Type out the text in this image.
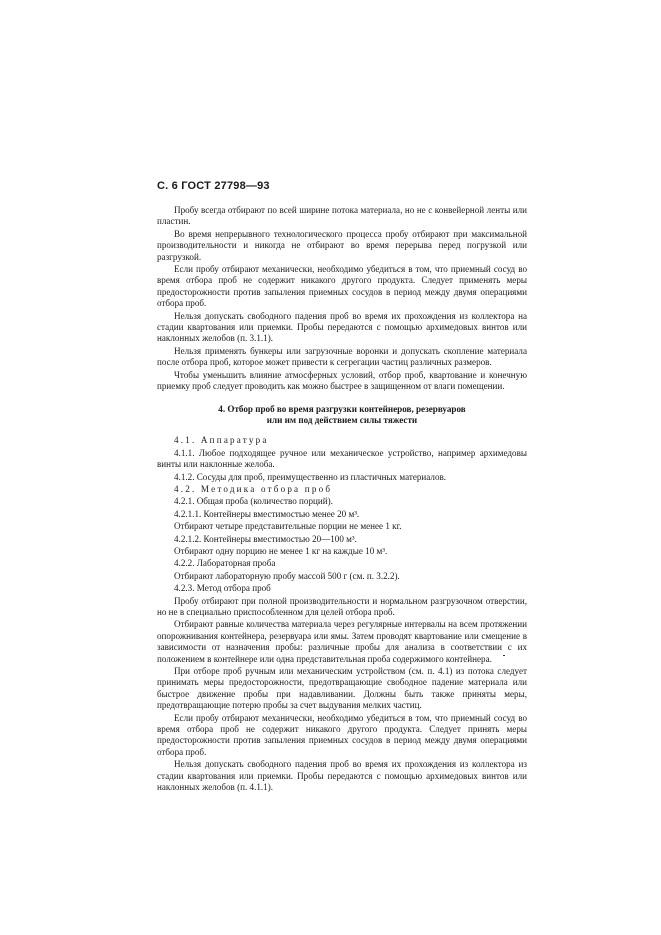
С. 6 ГОСТ 27798—93

Пробу всегда отбирают по всей ширине потока материала, но не с конвейерной ленты или пластин.

Во время непрерывного технологического процесса пробу отбирают при максимальной производительности и никогда не отбирают во время перерыва перед погрузкой или разгрузкой.

Если пробу отбирают механически, необходимо убедиться в том, что приемный сосуд во время отбора проб не содержит никакого другого продукта. Следует применять меры предосторожности против запыления приемных сосудов в период между двумя операциями отбора проб.

Нельзя допускать свободного падения проб во время их прохождения из коллектора на стадии квартования или приемки. Пробы передаются с помощью архимедовых винтов или наклонных желобов (п. 3.1.1).

Нельзя применять бункеры или загрузочные воронки и допускать скопление материала после отбора проб, которое может привести к сегрегации частиц различных размеров.

Чтобы уменьшить влияние атмосферных условий, отбор проб, квартование и конечную приемку проб следует проводить как можно быстрее в защищенном от влаги помещении.

4. Отбор проб во время разгрузки контейнеров, резервуаров
или им под действием силы тяжести

4.1. Аппаратура

4.1.1. Любое подходящее ручное или механическое устройство, например архимедовы винты или наклонные желоба.

4.1.2. Сосуды для проб, преимущественно из пластичных материалов.

4.2. Методика отбора проб

4.2.1. Общая проба (количество порций).

4.2.1.1. Контейнеры вместимостью менее 20 м³.

Отбирают четыре представительные порции не менее 1 кг.

4.2.1.2. Контейнеры вместимостью 20—100 м³.

Отбирают одну порцию не менее 1 кг на каждые 10 м³.

4.2.2. Лабораторная проба

Отбирают лабораторную пробу массой 500 г (см. п. 3.2.2).

4.2.3. Метод отбора проб

Пробу отбирают при полной производительности и нормальном разгрузочном отверстии, но не в специально приспособленном для целей отбора проб.

Отбирают равные количества материала через регулярные интервалы на всем протяжении опорожнивания контейнера, резервуара или ямы. Затем проводят квартование или смещение в зависимости от назначения пробы: различные пробы для анализа в соответствии с их положением в контейнере или одна представительная проба содержимого контейнера.

При отборе проб ручным или механическим устройством (см. п. 4.1) из потока следует принимать меры предосторожности, предотвращающие свободное падение материала или быстрое движение пробы при надавливании. Должны быть также приняты меры, предотвращающие потерю пробы за счет выдувания мелких частиц.

Если пробу отбирают механически, необходимо убедиться в том, что приемный сосуд во время отбора проб не содержит никакого другого продукта. Следует принять меры предосторожности против запыления приемных сосудов в период между двумя операциями отбора проб.

Нельзя допускать свободного падения проб во время их прохождения из коллектора из стадии квартования или приемки. Пробы передаются с помощью архимедовых винтов или наклонных желобов (п. 4.1.1).
